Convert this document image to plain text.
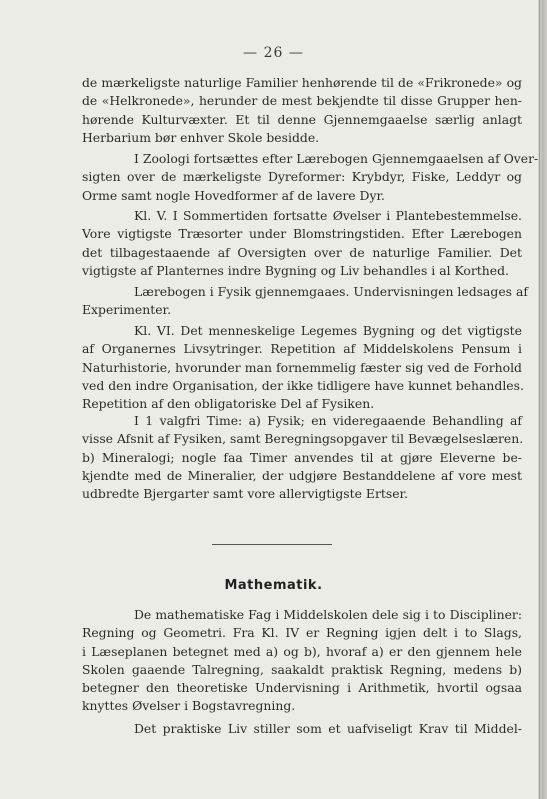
— 26 —
de mærkeligste naturlige Familier henhørende til de «Frikronede» og
de «Helkronede», herunder de mest bekjendte til disse Grupper hen-
hørende Kulturvæxter. Et til denne Gjennemgaaelse særlig anlagt
Herbarium bør enhver Skole besidde.
I Zoologi fortsættes efter Lærebogen Gjennemgaaelsen af Over-
sigten over de mærkeligste Dyreformer: Krybdyr, Fiske, Leddyr og
Orme samt nogle Hovedformer af de lavere Dyr.
Kl. V. I Sommertiden fortsatte Øvelser i Plantebestemmelse.
Vore vigtigste Træsorter under Blomstringstiden. Efter Lærebogen
det tilbagestaaende af Oversigten over de naturlige Familier. Det
vigtigste af Planternes indre Bygning og Liv behandles i al Korthed.
Lærebogen i Fysik gjennemgaaes. Undervisningen ledsages af
Experimenter.
Kl. VI. Det menneskelige Legemes Bygning og det vigtigste
af Organernes Livsytringer. Repetition af Middelskolens Pensum i
Naturhistorie, hvorunder man fornemmelig fæster sig ved de Forhold
ved den indre Organisation, der ikke tidligere have kunnet behandles.
Repetition af den obligatoriske Del af Fysiken.
I 1 valgfri Time: a) Fysik; en videregaaende Behandling af
visse Afsnit af Fysiken, samt Beregningsopgaver til Bevægelseslæren.
b) Mineralogi; nogle faa Timer anvendes til at gjøre Eleverne be-
kjendte med de Mineralier, der udgjøre Bestanddelene af vore mest
udbredte Bjergarter samt vore allervigtigste Ertser.
Mathematik.
De mathematiske Fag i Middelskolen dele sig i to Discipliner:
Regning og Geometri. Fra Kl. IV er Regning igjen delt i to Slags,
i Læseplanen betegnet med a) og b), hvoraf a) er den gjennem hele
Skolen gaaende Talregning, saakaldt praktisk Regning, medens b)
betegner den theoretiske Undervisning i Arithmetik, hvortil ogsaa
knyttes Øvelser i Bogstavregning.
Det praktiske Liv stiller som et uafviseligt Krav til Middel-
